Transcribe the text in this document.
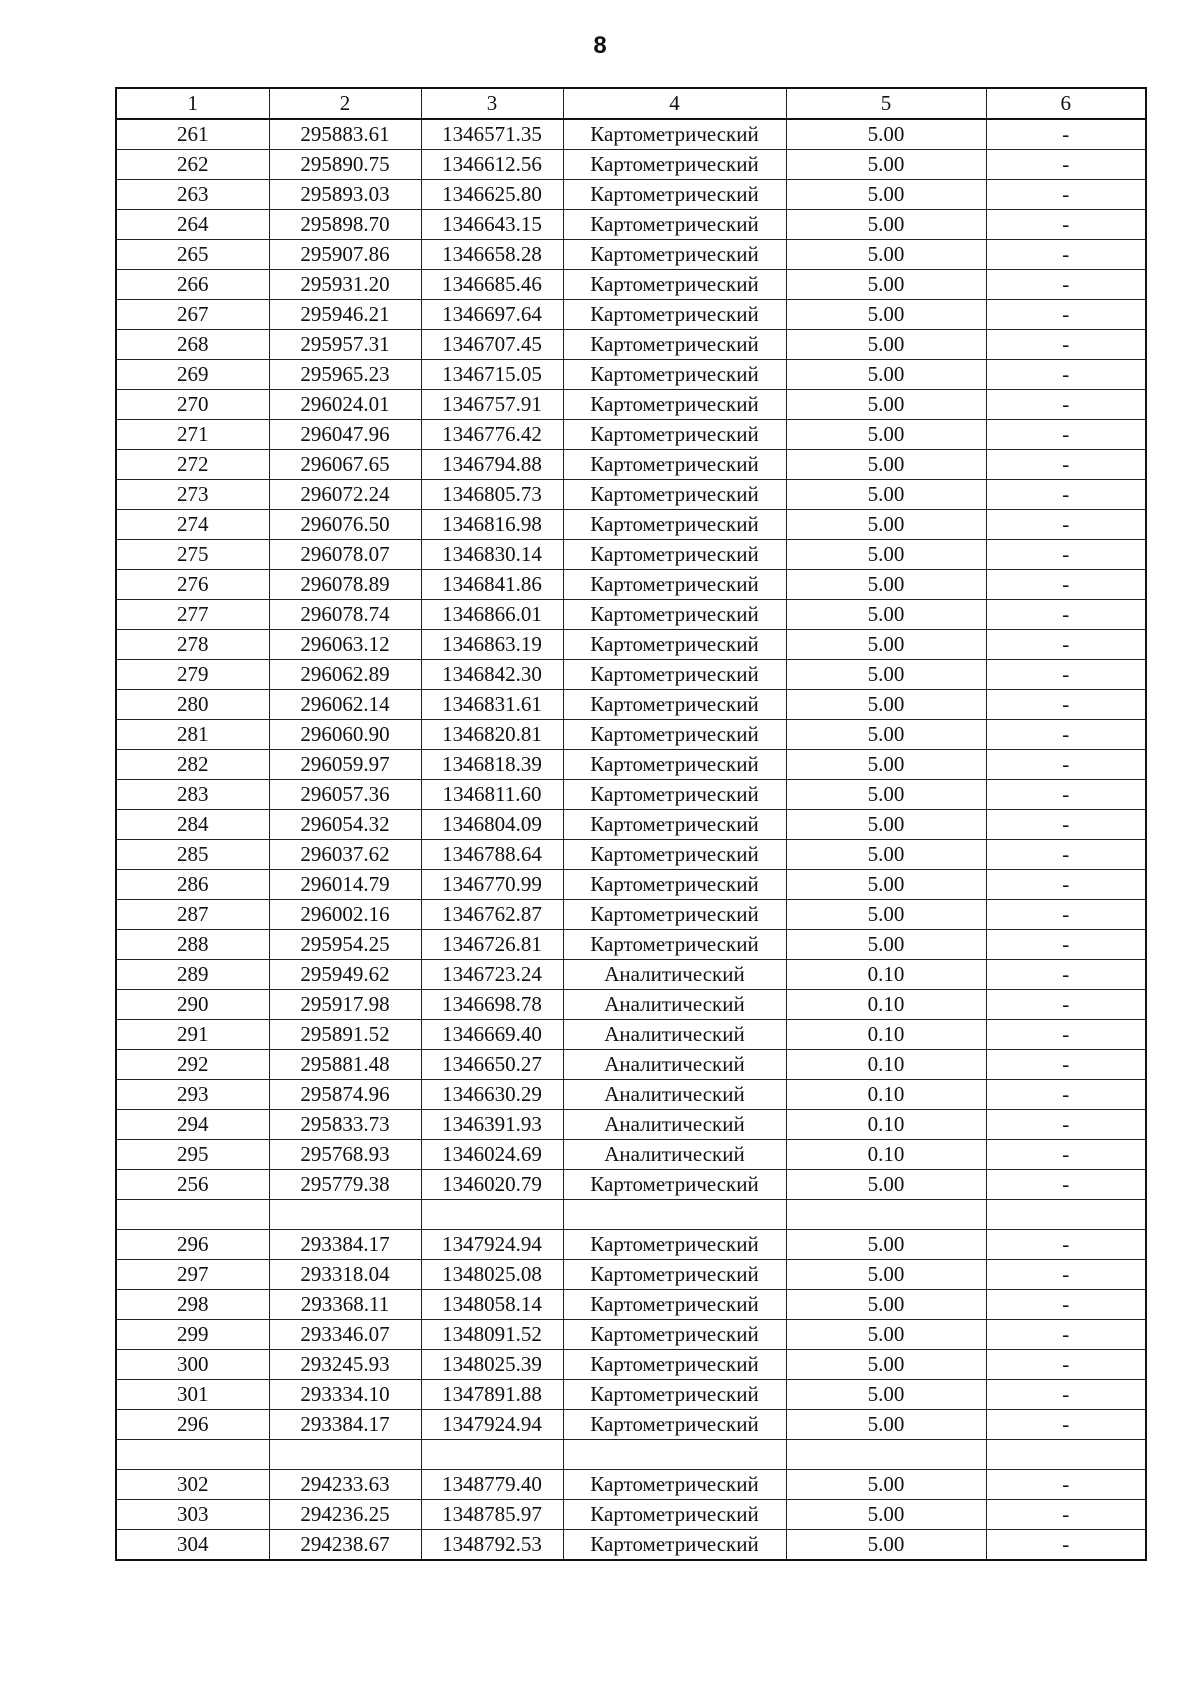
8
1	2	3	4	5	6
261	295883.61	1346571.35	Картометрический	5.00	-
262	295890.75	1346612.56	Картометрический	5.00	-
263	295893.03	1346625.80	Картометрический	5.00	-
264	295898.70	1346643.15	Картометрический	5.00	-
265	295907.86	1346658.28	Картометрический	5.00	-
266	295931.20	1346685.46	Картометрический	5.00	-
267	295946.21	1346697.64	Картометрический	5.00	-
268	295957.31	1346707.45	Картометрический	5.00	-
269	295965.23	1346715.05	Картометрический	5.00	-
270	296024.01	1346757.91	Картометрический	5.00	-
271	296047.96	1346776.42	Картометрический	5.00	-
272	296067.65	1346794.88	Картометрический	5.00	-
273	296072.24	1346805.73	Картометрический	5.00	-
274	296076.50	1346816.98	Картометрический	5.00	-
275	296078.07	1346830.14	Картометрический	5.00	-
276	296078.89	1346841.86	Картометрический	5.00	-
277	296078.74	1346866.01	Картометрический	5.00	-
278	296063.12	1346863.19	Картометрический	5.00	-
279	296062.89	1346842.30	Картометрический	5.00	-
280	296062.14	1346831.61	Картометрический	5.00	-
281	296060.90	1346820.81	Картометрический	5.00	-
282	296059.97	1346818.39	Картометрический	5.00	-
283	296057.36	1346811.60	Картометрический	5.00	-
284	296054.32	1346804.09	Картометрический	5.00	-
285	296037.62	1346788.64	Картометрический	5.00	-
286	296014.79	1346770.99	Картометрический	5.00	-
287	296002.16	1346762.87	Картометрический	5.00	-
288	295954.25	1346726.81	Картометрический	5.00	-
289	295949.62	1346723.24	Аналитический	0.10	-
290	295917.98	1346698.78	Аналитический	0.10	-
291	295891.52	1346669.40	Аналитический	0.10	-
292	295881.48	1346650.27	Аналитический	0.10	-
293	295874.96	1346630.29	Аналитический	0.10	-
294	295833.73	1346391.93	Аналитический	0.10	-
295	295768.93	1346024.69	Аналитический	0.10	-
256	295779.38	1346020.79	Картометрический	5.00	-

296	293384.17	1347924.94	Картометрический	5.00	-
297	293318.04	1348025.08	Картометрический	5.00	-
298	293368.11	1348058.14	Картометрический	5.00	-
299	293346.07	1348091.52	Картометрический	5.00	-
300	293245.93	1348025.39	Картометрический	5.00	-
301	293334.10	1347891.88	Картометрический	5.00	-
296	293384.17	1347924.94	Картометрический	5.00	-

302	294233.63	1348779.40	Картометрический	5.00	-
303	294236.25	1348785.97	Картометрический	5.00	-
304	294238.67	1348792.53	Картометрический	5.00	-
